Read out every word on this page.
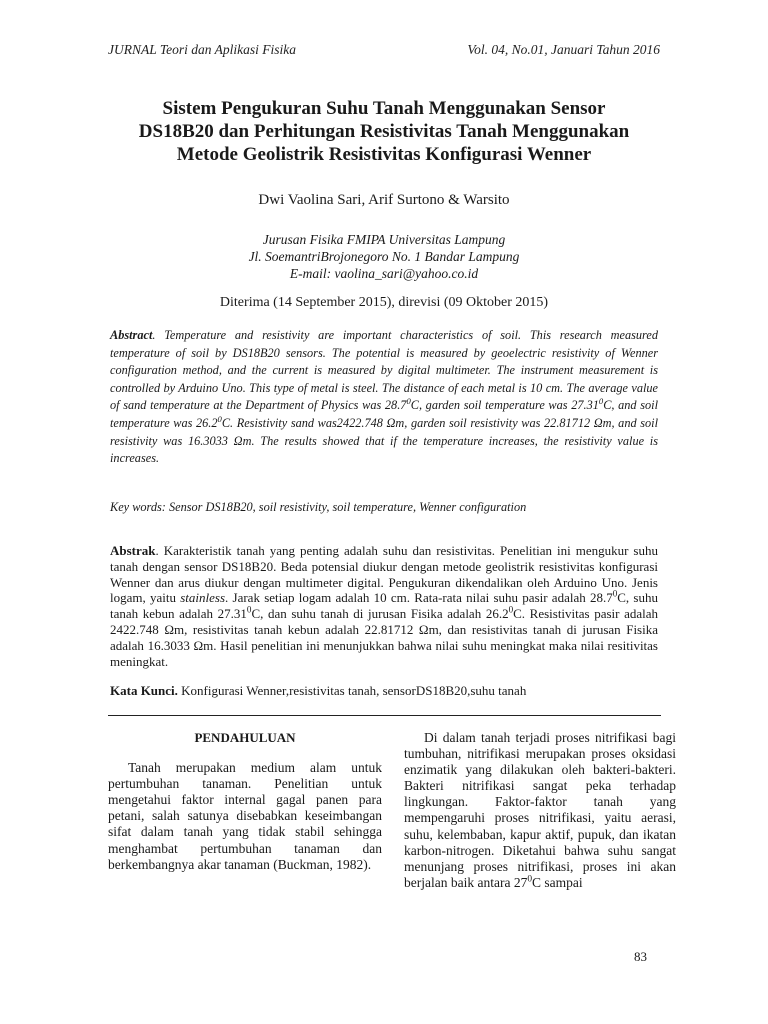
JURNAL Teori dan Aplikasi Fisika	Vol. 04, No.01, Januari Tahun 2016
Sistem Pengukuran Suhu Tanah Menggunakan Sensor
DS18B20 dan Perhitungan Resistivitas Tanah Menggunakan
Metode Geolistrik Resistivitas Konfigurasi Wenner
Dwi Vaolina Sari, Arif Surtono & Warsito
Jurusan Fisika FMIPA Universitas Lampung
Jl. SoemantriBrojonegoro No. 1 Bandar Lampung
E-mail: vaolina_sari@yahoo.co.id
Diterima (14 September 2015), direvisi (09 Oktober 2015)

Abstract. Temperature and resistivity are important characteristics of soil. This research measured temperature of soil by DS18B20 sensors. The potential is measured by geoelectric resistivity of Wenner configuration method, and the current is measured by digital multimeter. The instrument measurement is controlled by Arduino Uno. This type of metal is steel. The distance of each metal is 10 cm. The average value of sand temperature at the Department of Physics was 28.7$^0$C, garden soil temperature was 27.31$^0$C, and soil temperature was 26.2$^0$C. Resistivity sand was2422.748 Ωm, garden soil resistivity was 22.81712 Ωm, and soil resistivity was 16.3033 Ωm. The results showed that if the temperature increases, the resistivity value is increases.

Key words: Sensor DS18B20, soil resistivity, soil temperature, Wenner configuration

Abstrak. Karakteristik tanah yang penting adalah suhu dan resistivitas. Penelitian ini mengukur suhu tanah dengan sensor DS18B20. Beda potensial diukur dengan metode geolistrik resistivitas konfigurasi Wenner dan arus diukur dengan multimeter digital. Pengukuran dikendalikan oleh Arduino Uno. Jenis logam, yaitu stainless. Jarak setiap logam adalah 10 cm. Rata-rata nilai suhu pasir adalah 28.7$^0$C, suhu tanah kebun adalah 27.31$^0$C, dan suhu tanah di jurusan Fisika adalah 26.2$^0$C. Resistivitas pasir adalah 2422.748 Ωm, resistivitas tanah kebun adalah 22.81712 Ωm, dan resistivitas tanah di jurusan Fisika adalah 16.3033 Ωm. Hasil penelitian ini menunjukkan bahwa nilai suhu meningkat maka nilai resitivitas meningkat.

Kata Kunci. Konfigurasi Wenner,resistivitas tanah, sensorDS18B20,suhu tanah

PENDAHULUAN

Tanah merupakan medium alam untuk pertumbuhan tanaman. Penelitian untuk mengetahui faktor internal gagal panen para petani, salah satunya disebabkan keseimbangan sifat dalam tanah yang tidak stabil sehingga menghambat pertumbuhan tanaman dan berkembangnya akar tanaman (Buckman, 1982).

Di dalam tanah terjadi proses nitrifikasi bagi tumbuhan, nitrifikasi merupakan proses oksidasi enzimatik yang dilakukan oleh bakteri-bakteri. Bakteri nitrifikasi sangat peka terhadap lingkungan. Faktor-faktor tanah yang mempengaruhi proses nitrifikasi, yaitu aerasi, suhu, kelembaban, kapur aktif, pupuk, dan ikatan karbon-nitrogen. Diketahui bahwa suhu sangat menunjang proses nitrifikasi, proses ini akan berjalan baik antara $27^0C$ sampai

83
